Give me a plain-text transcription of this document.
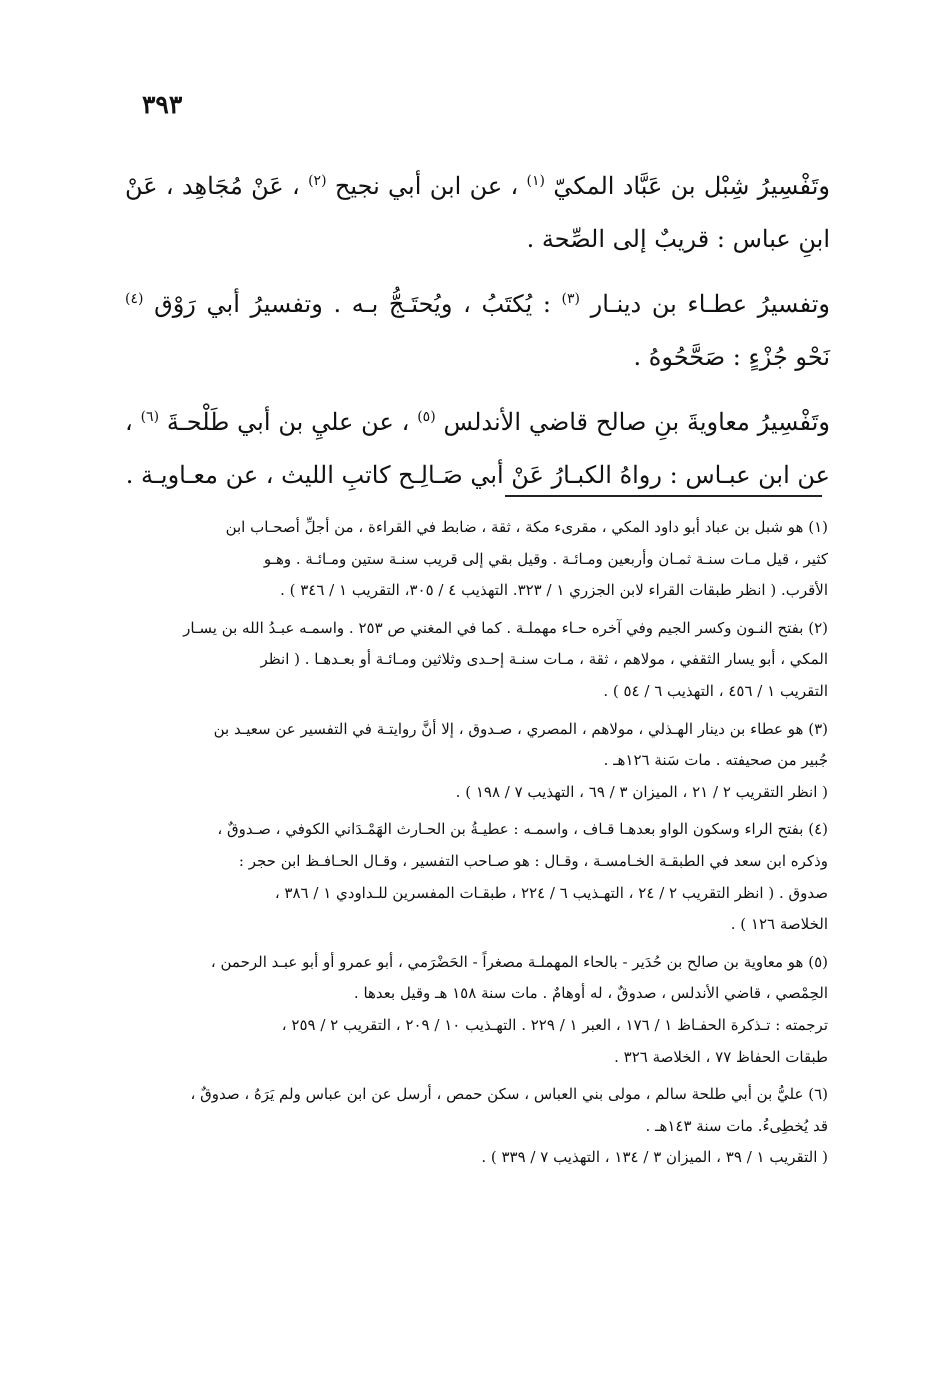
٣٩٣

وتَفْسِيرُ شِبْل بن عَبَّاد المكيّ $^{(١)}$ ، عن ابن أبي نجيح $^{(٢)}$ ، عَنْ مُجَاهِد ، عَنْ ابنِ عباس : قريبٌ إلى الصِّحة .

وتفسيرُ عطـاء بن دينـار $^{(٣)}$ : يُكتَبُ ، ويُحتَـجُّ بـه . وتفسيرُ أبي رَوْق $^{(٤)}$ نَحْو جُزْءٍ : صَحَّحُوهُ .

وتَفْسِيرُ معاويةَ بنِ صالح قاضي الأندلس $^{(٥)}$ ، عن عليِ بن أبي طَلْحـةَ $^{(٦)}$ ، عن ابن عبـاس : رواهُ الكبـارُ عَنْ أبي صَـالِـح كاتبِ الليث ، عن معـاويـة .

(١) هو شبل بن عباد أبو داود المكي ، مقرىء مكة ، ثقة ، ضابط في القراءة ، من أجلِّ أصحـاب ابن
كثير ، قيل مـات سنـة ثمـان وأربعين ومـائـة . وقيل بقي إلى قريب سنـة ستين ومـائـة . وهـو
الأقرب. ( انظر طبقات القراء لابن الجزري ١ / ٣٢٣. التهذيب ٤ / ٣٠٥، التقريب ١ / ٣٤٦ ) .
(٢) بفتح النـون وكسر الجيم وفي آخره حـاء مهملـة . كما في المغني ص ٢٥٣ . واسمـه عبـدُ الله بن يسـار
المكي ، أبو يسار الثقفي ، مولاهم ، ثقة ، مـات سنـة إحـدى وثلاثين ومـائـة أو بعـدهـا . ( انظر
التقريب ١ / ٤٥٦ ، التهذيب ٦ / ٥٤ ) .
(٣) هو عطاء بن دينار الهـذلي ، مولاهم ، المصري ، صـدوق ، إلا أنَّ روايتـة في التفسير عن سعيـد بن
جُبير من صحيفته . مات سَنة ١٢٦هـ .
( انظر التقريب ٢ / ٢١ ، الميزان ٣ / ٦٩ ، التهذيب ٧ / ١٩٨ ) .
(٤) بفتح الراء وسكون الواو بعدهـا قـاف ، واسمـه : عطيـةُ بن الحـارث الهَمْـدَاني الكوفي ، صـدوقٌ ،
وذكره ابن سعد في الطبقـة الخـامسـة ، وقـال : هو صـاحب التفسير ، وقـال الحـافـظ ابن حجر :
صدوق . ( انظر التقريب ٢ / ٢٤ ، التهـذيب ٦ / ٢٢٤ ، طبقـات المفسرين للـداودي ١ / ٣٨٦ ،
الخلاصة ١٢٦ ) .
(٥) هو معاوية بن صالح بن حُدَير - بالحاء المهملـة مصغراً - الحَضْرَمي ، أبو عمرو أو أبو عبـد الرحمن ،
الحِمْصي ، قاضي الأندلس ، صدوقٌ ، له أوهامٌ . مات سنة ١٥٨ هـ وقيل بعدها .
ترجمته : تـذكرة الحفـاظ ١ / ١٧٦ ، العبر ١ / ٢٢٩ . التهـذيب ١٠ / ٢٠٩ ، التقريب ٢ / ٢٥٩ ،
طبقات الحفاظ ٧٧ ، الخلاصة ٣٢٦ .
(٦) عليُّ بن أبي طلحة سالم ، مولى بني العباس ، سكن حمص ، أرسل عن ابن عباس ولم يَرَهُ ، صدوقٌ ،
قد يُخطِىءُ. مات سنة ١٤٣هـ .
( التقريب ١ / ٣٩ ، الميزان ٣ / ١٣٤ ، التهذيب ٧ / ٣٣٩ ) .
